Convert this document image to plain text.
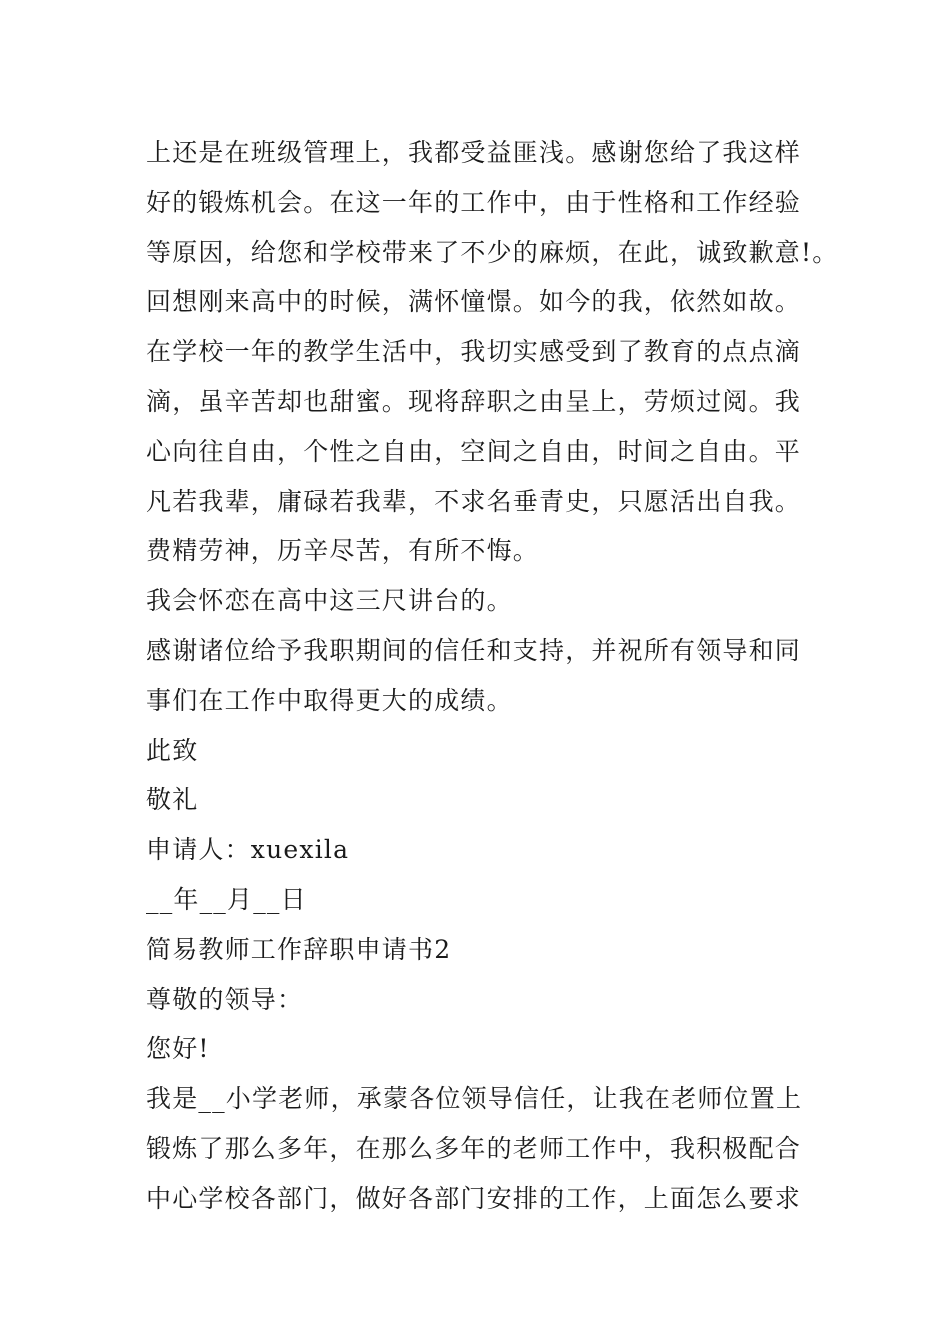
上还是在班级管理上，我都受益匪浅。感谢您给了我这样
好的锻炼机会。在这一年的工作中，由于性格和工作经验
等原因，给您和学校带来了不少的麻烦，在此，诚致歉意!。
回想刚来高中的时候，满怀憧憬。如今的我，依然如故。
在学校一年的教学生活中，我切实感受到了教育的点点滴
滴，虽辛苦却也甜蜜。现将辞职之由呈上，劳烦过阅。我
心向往自由，个性之自由，空间之自由，时间之自由。平
凡若我辈，庸碌若我辈，不求名垂青史，只愿活出自我。
费精劳神，历辛尽苦，有所不悔。
我会怀恋在高中这三尺讲台的。
感谢诸位给予我职期间的信任和支持，并祝所有领导和同
事们在工作中取得更大的成绩。
此致
敬礼
申请人：xuexila
__年__月__日
简易教师工作辞职申请书2
尊敬的领导：
您好!
我是__小学老师，承蒙各位领导信任，让我在老师位置上
锻炼了那么多年，在那么多年的老师工作中，我积极配合
中心学校各部门，做好各部门安排的工作，上面怎么要求
